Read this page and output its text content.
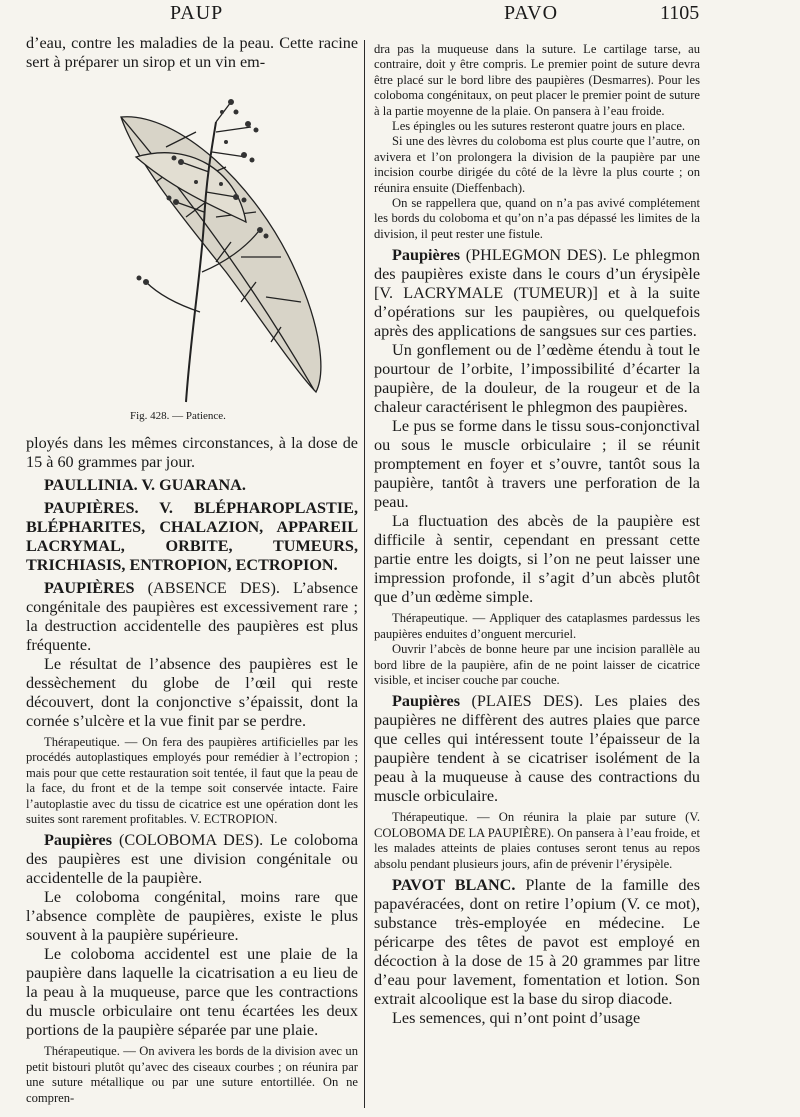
PAUP	PAVO	1105

d’eau, contre les maladies de la peau. Cette racine sert à préparer un sirop et un vin em-

Fig. 428. — Patience.

ployés dans les mêmes circonstances, à la dose de 15 à 60 grammes par jour.

PAULLINIA. V. GUARANA.

PAUPIÈRES. V. BLÉPHAROPLASTIE, BLÉPHARITES, CHALAZION, APPAREIL LACRYMAL, ORBITE, TUMEURS, TRICHIASIS, ENTROPION, ECTROPION.

PAUPIÈRES (ABSENCE DES). L’absence congénitale des paupières est excessivement rare ; la destruction accidentelle des paupières est plus fréquente.

Le résultat de l’absence des paupières est le dessèchement du globe de l’œil qui reste découvert, dont la conjonctive s’épaissit, dont la cornée s’ulcère et la vue finit par se perdre.

Thérapeutique. — On fera des paupières artificielles par les procédés autoplastiques employés pour remédier à l’ectropion ; mais pour que cette restauration soit tentée, il faut que la peau de la face, du front et de la tempe soit conservée intacte. Faire l’autoplastie avec du tissu de cicatrice est une opération dont les suites sont rarement profitables. V. ECTROPION.

Paupières (COLOBOMA DES). Le coloboma des paupières est une division congénitale ou accidentelle de la paupière.

Le coloboma congénital, moins rare que l’absence complète de paupières, existe le plus souvent à la paupière supérieure.

Le coloboma accidentel est une plaie de la paupière dans laquelle la cicatrisation a eu lieu de la peau à la muqueuse, parce que les contractions du muscle orbiculaire ont tenu écartées les deux portions de la paupière séparée par une plaie.

Thérapeutique. — On avivera les bords de la division avec un petit bistouri plutôt qu’avec des ciseaux courbes ; on réunira par une suture métallique ou par une suture entortillée. On ne compren-

dra pas la muqueuse dans la suture. Le cartilage tarse, au contraire, doit y être compris. Le premier point de suture devra être placé sur le bord libre des paupières (Desmarres). Pour les coloboma congénitaux, on peut placer le premier point de suture à la partie moyenne de la plaie. On pansera à l’eau froide.

Les épingles ou les sutures resteront quatre jours en place.

Si une des lèvres du coloboma est plus courte que l’autre, on avivera et l’on prolongera la division de la paupière par une incision courbe dirigée du côté de la lèvre la plus courte ; on réunira ensuite (Dieffenbach).

On se rappellera que, quand on n’a pas avivé complétement les bords du coloboma et qu’on n’a pas dépassé les limites de la division, il peut rester une fistule.

Paupières (PHLEGMON DES). Le phlegmon des paupières existe dans le cours d’un érysipèle [V. LACRYMALE (TUMEUR)] et à la suite d’opérations sur les paupières, ou quelquefois après des applications de sangsues sur ces parties.

Un gonflement ou de l’œdème étendu à tout le pourtour de l’orbite, l’impossibilité d’écarter la paupière, de la douleur, de la rougeur et de la chaleur caractérisent le phlegmon des paupières.

Le pus se forme dans le tissu sous-conjonctival ou sous le muscle orbiculaire ; il se réunit promptement en foyer et s’ouvre, tantôt sous la paupière, tantôt à travers une perforation de la peau.

La fluctuation des abcès de la paupière est difficile à sentir, cependant en pressant cette partie entre les doigts, si l’on ne peut laisser une impression profonde, il s’agit d’un abcès plutôt que d’un œdème simple.

Thérapeutique. — Appliquer des cataplasmes pardessus les paupières enduites d’onguent mercuriel.

Ouvrir l’abcès de bonne heure par une incision parallèle au bord libre de la paupière, afin de ne point laisser de cicatrice visible, et inciser couche par couche.

Paupières (PLAIES DES). Les plaies des paupières ne diffèrent des autres plaies que parce que celles qui intéressent toute l’épaisseur de la paupière tendent à se cicatriser isolément de la peau à la muqueuse à cause des contractions du muscle orbiculaire.

Thérapeutique. — On réunira la plaie par suture (V. COLOBOMA DE LA PAUPIÈRE). On pansera à l’eau froide, et les malades atteints de plaies contuses seront tenus au repos absolu pendant plusieurs jours, afin de prévenir l’érysipèle.

PAVOT BLANC. Plante de la famille des papavéracées, dont on retire l’opium (V. ce mot), substance très-employée en médecine. Le péricarpe des têtes de pavot est employé en décoction à la dose de 15 à 20 grammes par litre d’eau pour lavement, fomentation et lotion. Son extrait alcoolique est la base du sirop diacode.

Les semences, qui n’ont point d’usage
